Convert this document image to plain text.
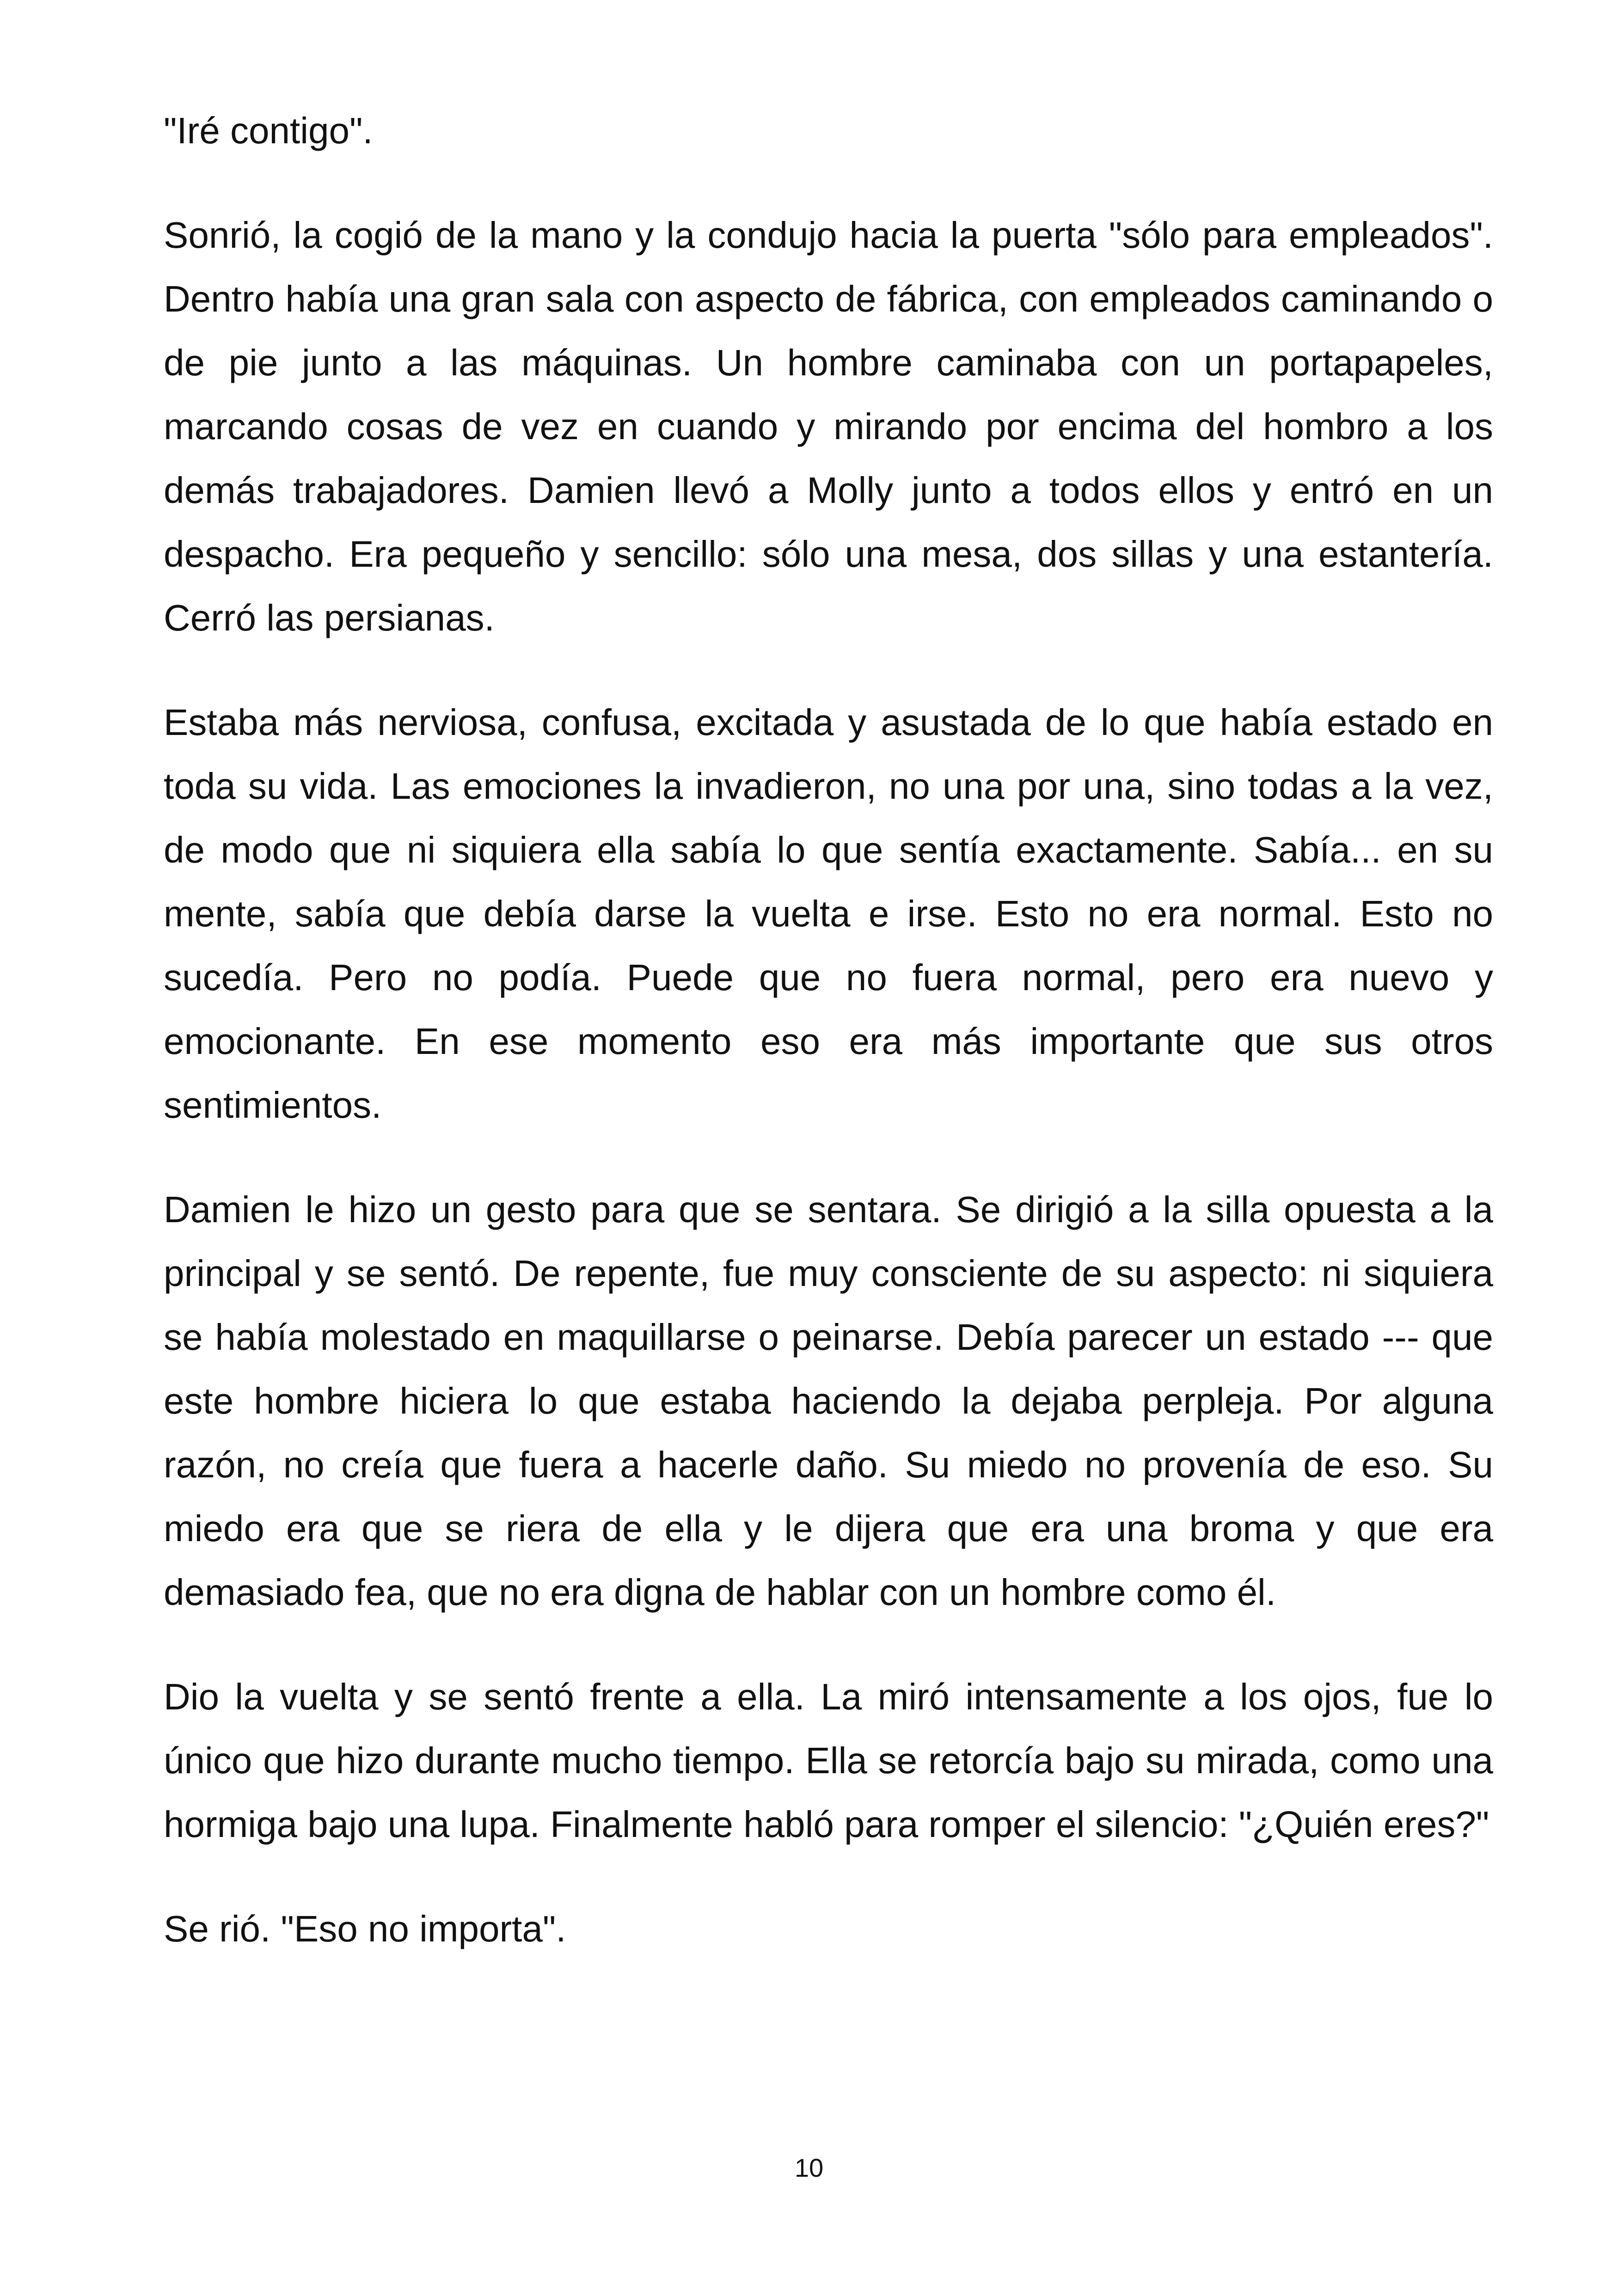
"Iré contigo".

Sonrió, la cogió de la mano y la condujo hacia la puerta "sólo para empleados". Dentro había una gran sala con aspecto de fábrica, con empleados caminando o de pie junto a las máquinas. Un hombre caminaba con un portapapeles, marcando cosas de vez en cuando y mirando por encima del hombro a los demás trabajadores. Damien llevó a Molly junto a todos ellos y entró en un despacho. Era pequeño y sencillo: sólo una mesa, dos sillas y una estantería. Cerró las persianas.

Estaba más nerviosa, confusa, excitada y asustada de lo que había estado en toda su vida. Las emociones la invadieron, no una por una, sino todas a la vez, de modo que ni siquiera ella sabía lo que sentía exactamente. Sabía... en su mente, sabía que debía darse la vuelta e irse. Esto no era normal. Esto no sucedía. Pero no podía. Puede que no fuera normal, pero era nuevo y emocionante. En ese momento eso era más importante que sus otros sentimientos.

Damien le hizo un gesto para que se sentara. Se dirigió a la silla opuesta a la principal y se sentó. De repente, fue muy consciente de su aspecto: ni siquiera se había molestado en maquillarse o peinarse. Debía parecer un estado --- que este hombre hiciera lo que estaba haciendo la dejaba perpleja. Por alguna razón, no creía que fuera a hacerle daño. Su miedo no provenía de eso. Su miedo era que se riera de ella y le dijera que era una broma y que era demasiado fea, que no era digna de hablar con un hombre como él.

Dio la vuelta y se sentó frente a ella. La miró intensamente a los ojos, fue lo único que hizo durante mucho tiempo. Ella se retorcía bajo su mirada, como una hormiga bajo una lupa. Finalmente habló para romper el silencio: "¿Quién eres?"

Se rió. "Eso no importa".

10
